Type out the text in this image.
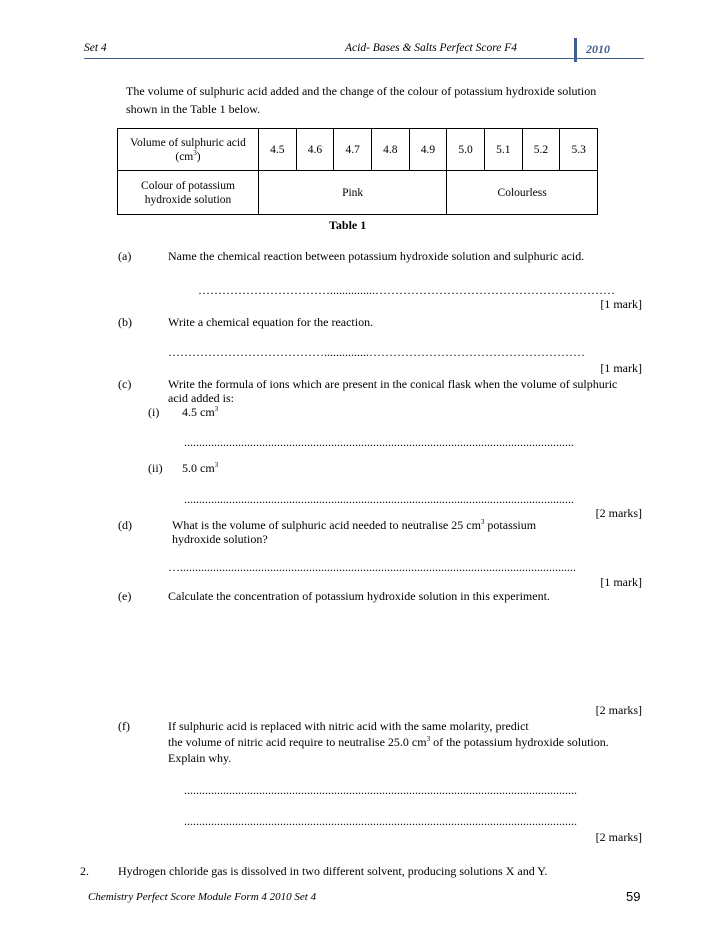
Set 4	Acid- Bases & Salts Perfect Score F4	2010
The volume of sulphuric acid added and the change of the colour of potassium hydroxide solution
shown in the Table 1 below.
Volume of sulphuric acid
$(cm^3)$	4.5	4.6	4.7	4.8	4.9	5.0	5.1	5.2	5.3
Colour of potassium
hydroxide solution	Pink					Colourless			
Table 1
(a)	Name the chemical reaction between potassium hydroxide solution and sulphuric acid.
……………………………...............……………………………………………………
[1 mark]
(b)	Write a chemical equation for the reaction.
…………………………………...............………………………………………………
[1 mark]
(c)	Write the formula of ions which are present in the conical flask when the volume of sulphuric
acid added is:
(i) 4.5 $cm^3$
..................................................................................................................................
(ii) 5.0 $cm^3$
..................................................................................................................................
[2 marks]
(d)	What is the volume of sulphuric acid needed to neutralise 25 $cm^3$ potassium
hydroxide solution?
…....................................................................................................................................
[1 mark]
(e)	Calculate the concentration of potassium hydroxide solution in this experiment.
[2 marks]
(f)	If sulphuric acid is replaced with nitric acid with the same molarity, predict
the volume of nitric acid require to neutralise 25.0 $cm^3$ of the potassium hydroxide solution.
Explain why.
...................................................................................................................................
...................................................................................................................................
[2 marks]
2. Hydrogen chloride gas is dissolved in two different solvent, producing solutions X and Y.
Chemistry Perfect Score Module Form 4 2010 Set 4	59
